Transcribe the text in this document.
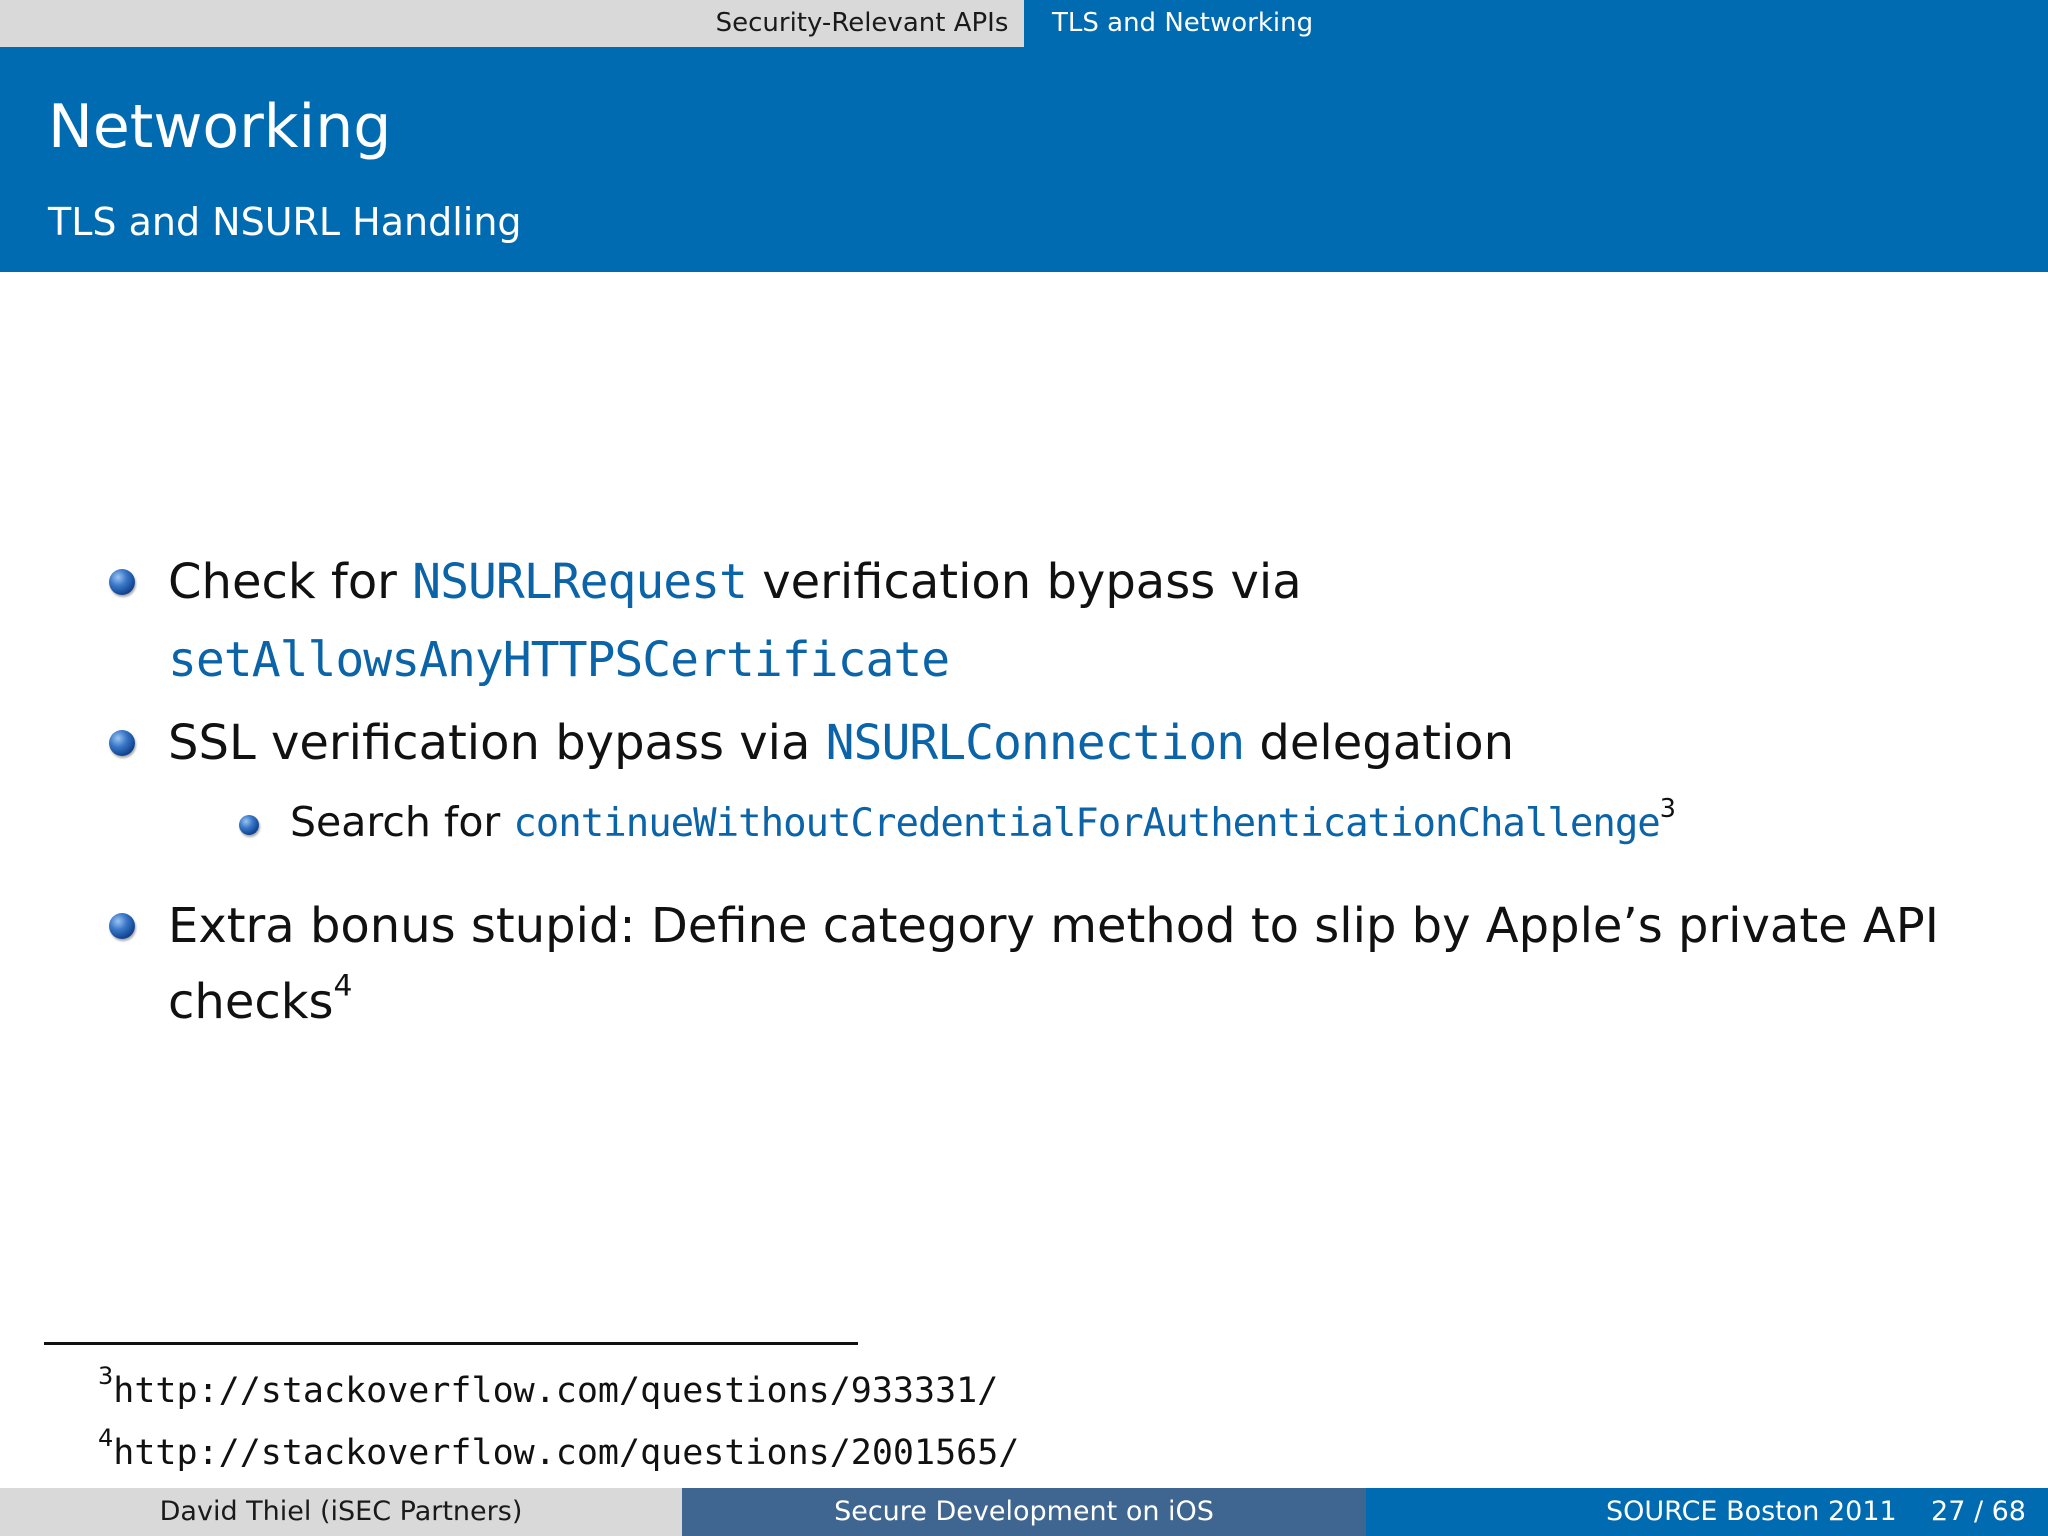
Security-Relevant APIs	TLS and Networking
Networking
TLS and NSURL Handling
Check for NSURLRequest verification bypass via
setAllowsAnyHTTPSCertificate
SSL verification bypass via NSURLConnection delegation
Search for continueWithoutCredentialForAuthenticationChallenge$^3$
Extra bonus stupid: Define category method to slip by Apple’s private API
checks$^4$
$^3$http://stackoverflow.com/questions/933331/
$^4$http://stackoverflow.com/questions/2001565/
David Thiel (iSEC Partners)	Secure Development on iOS	SOURCE Boston 2011 27 / 68
